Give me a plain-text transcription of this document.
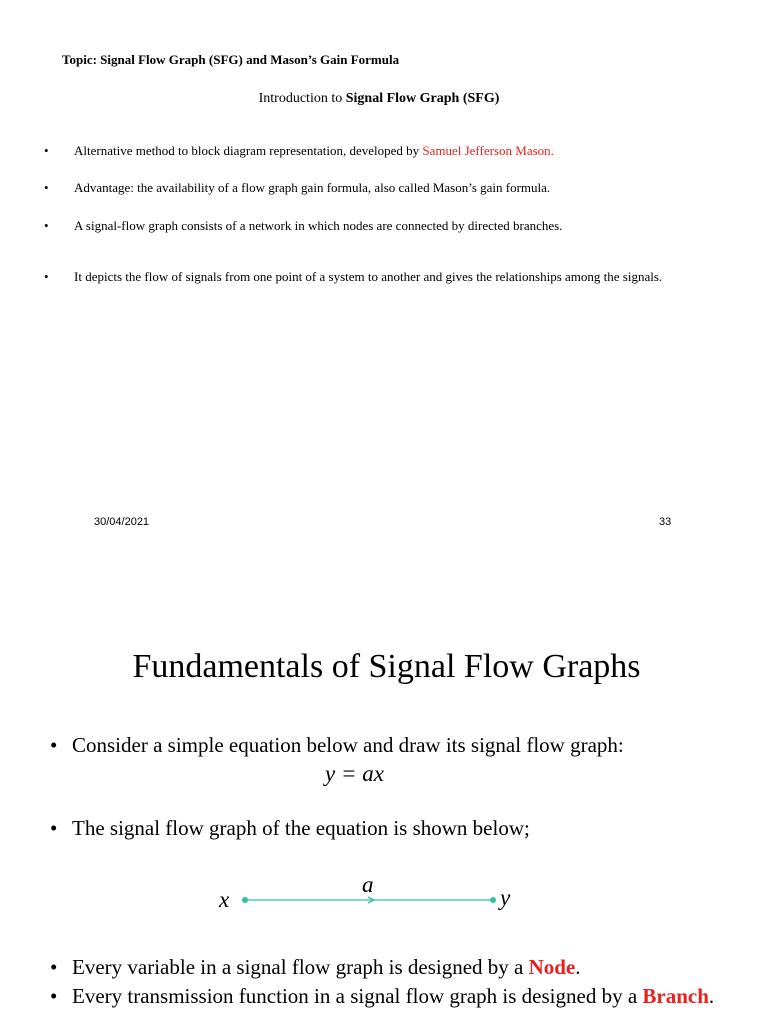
Topic: Signal Flow Graph (SFG) and Mason’s Gain Formula
Introduction to Signal Flow Graph (SFG)
• Alternative method to block diagram representation, developed by Samuel Jefferson Mason.
• Advantage: the availability of a flow graph gain formula, also called Mason’s gain formula.
• A signal-flow graph consists of a network in which nodes are connected by directed branches.
• It depicts the flow of signals from one point of a system to another and gives the relationships among the signals.
30/04/2021	33
Fundamentals of Signal Flow Graphs
• Consider a simple equation below and draw its signal flow graph:
y = ax
• The signal flow graph of the equation is shown below;
x
a
y
• Every variable in a signal flow graph is designed by a Node.
• Every transmission function in a signal flow graph is designed by a Branch.
